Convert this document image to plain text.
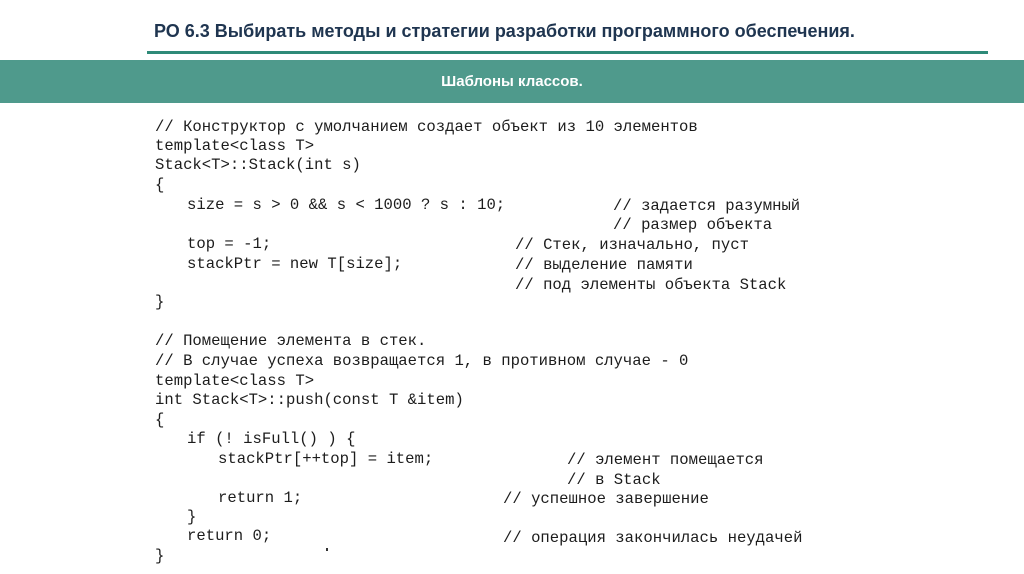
РО 6.3 Выбирать методы и стратегии разработки программного обеспечения.
Шаблоны классов.
// Конструктор с умолчанием создает объект из 10 элементов
template<class T>
Stack<T>::Stack(int s)
{
size = s > 0 && s < 1000 ? s : 10;
top = -1;
stackPtr = new T[size];
}
// Помещение элемента в стек.
// В случае успеха возвращается 1, в противном случае - 0
template<class T>
int Stack<T>::push(const T &item)
{
if (! isFull() ) {
stackPtr[++top] = item;
return 1;
}
return 0;
}
// задается разумный
// размер объекта
// Стек, изначально, пуст
// выделение памяти
// под элементы объекта Stack
// элемент помещается
// в Stack
// успешное завершение
// операция закончилась неудачей
